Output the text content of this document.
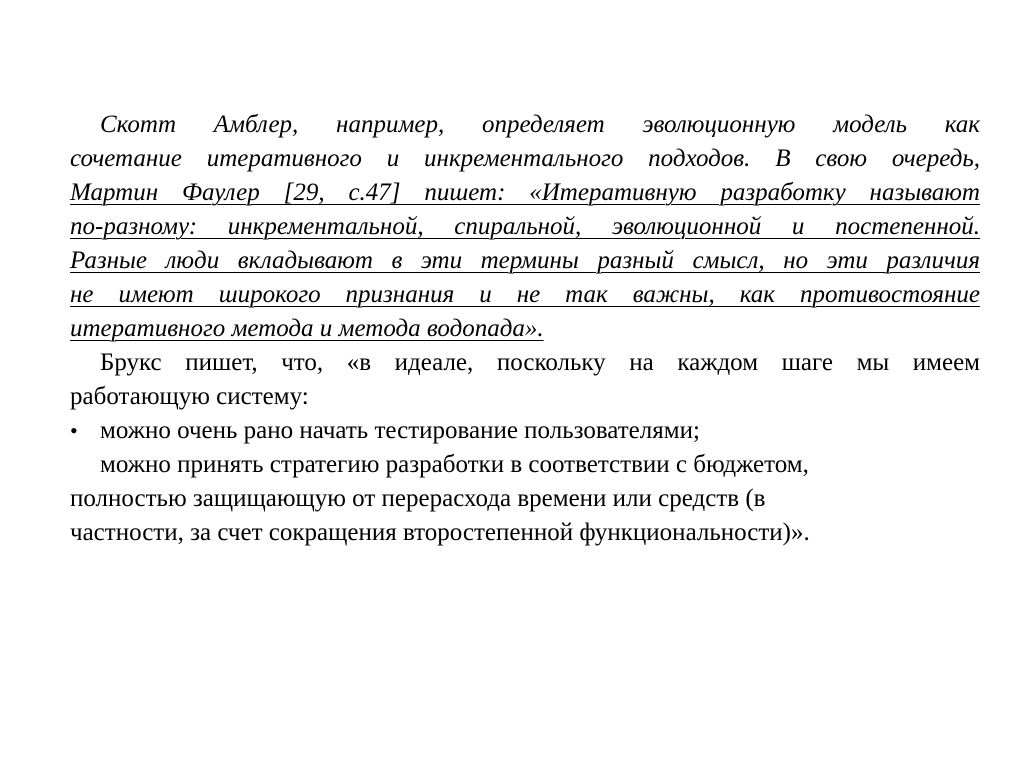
Скотт Амблер, например, определяет эволюционную модель как
сочетание итеративного и инкрементального подходов. В свою очередь,
Мартин Фаулер [29, с.47] пишет: «Итеративную разработку называют
по-разному: инкрементальной, спиральной, эволюционной и постепенной.
Разные люди вкладывают в эти термины разный смысл, но эти различия
не имеют широкого признания и не так важны, как противостояние
итеративного метода и метода водопада».
Брукс пишет, что, «в идеале, поскольку на каждом шаге мы имеем
работающую систему:
• можно очень рано начать тестирование пользователями;
можно принять стратегию разработки в соответствии с бюджетом,
полностью защищающую от перерасхода времени или средств (в
частности, за счет сокращения второстепенной функциональности)».
